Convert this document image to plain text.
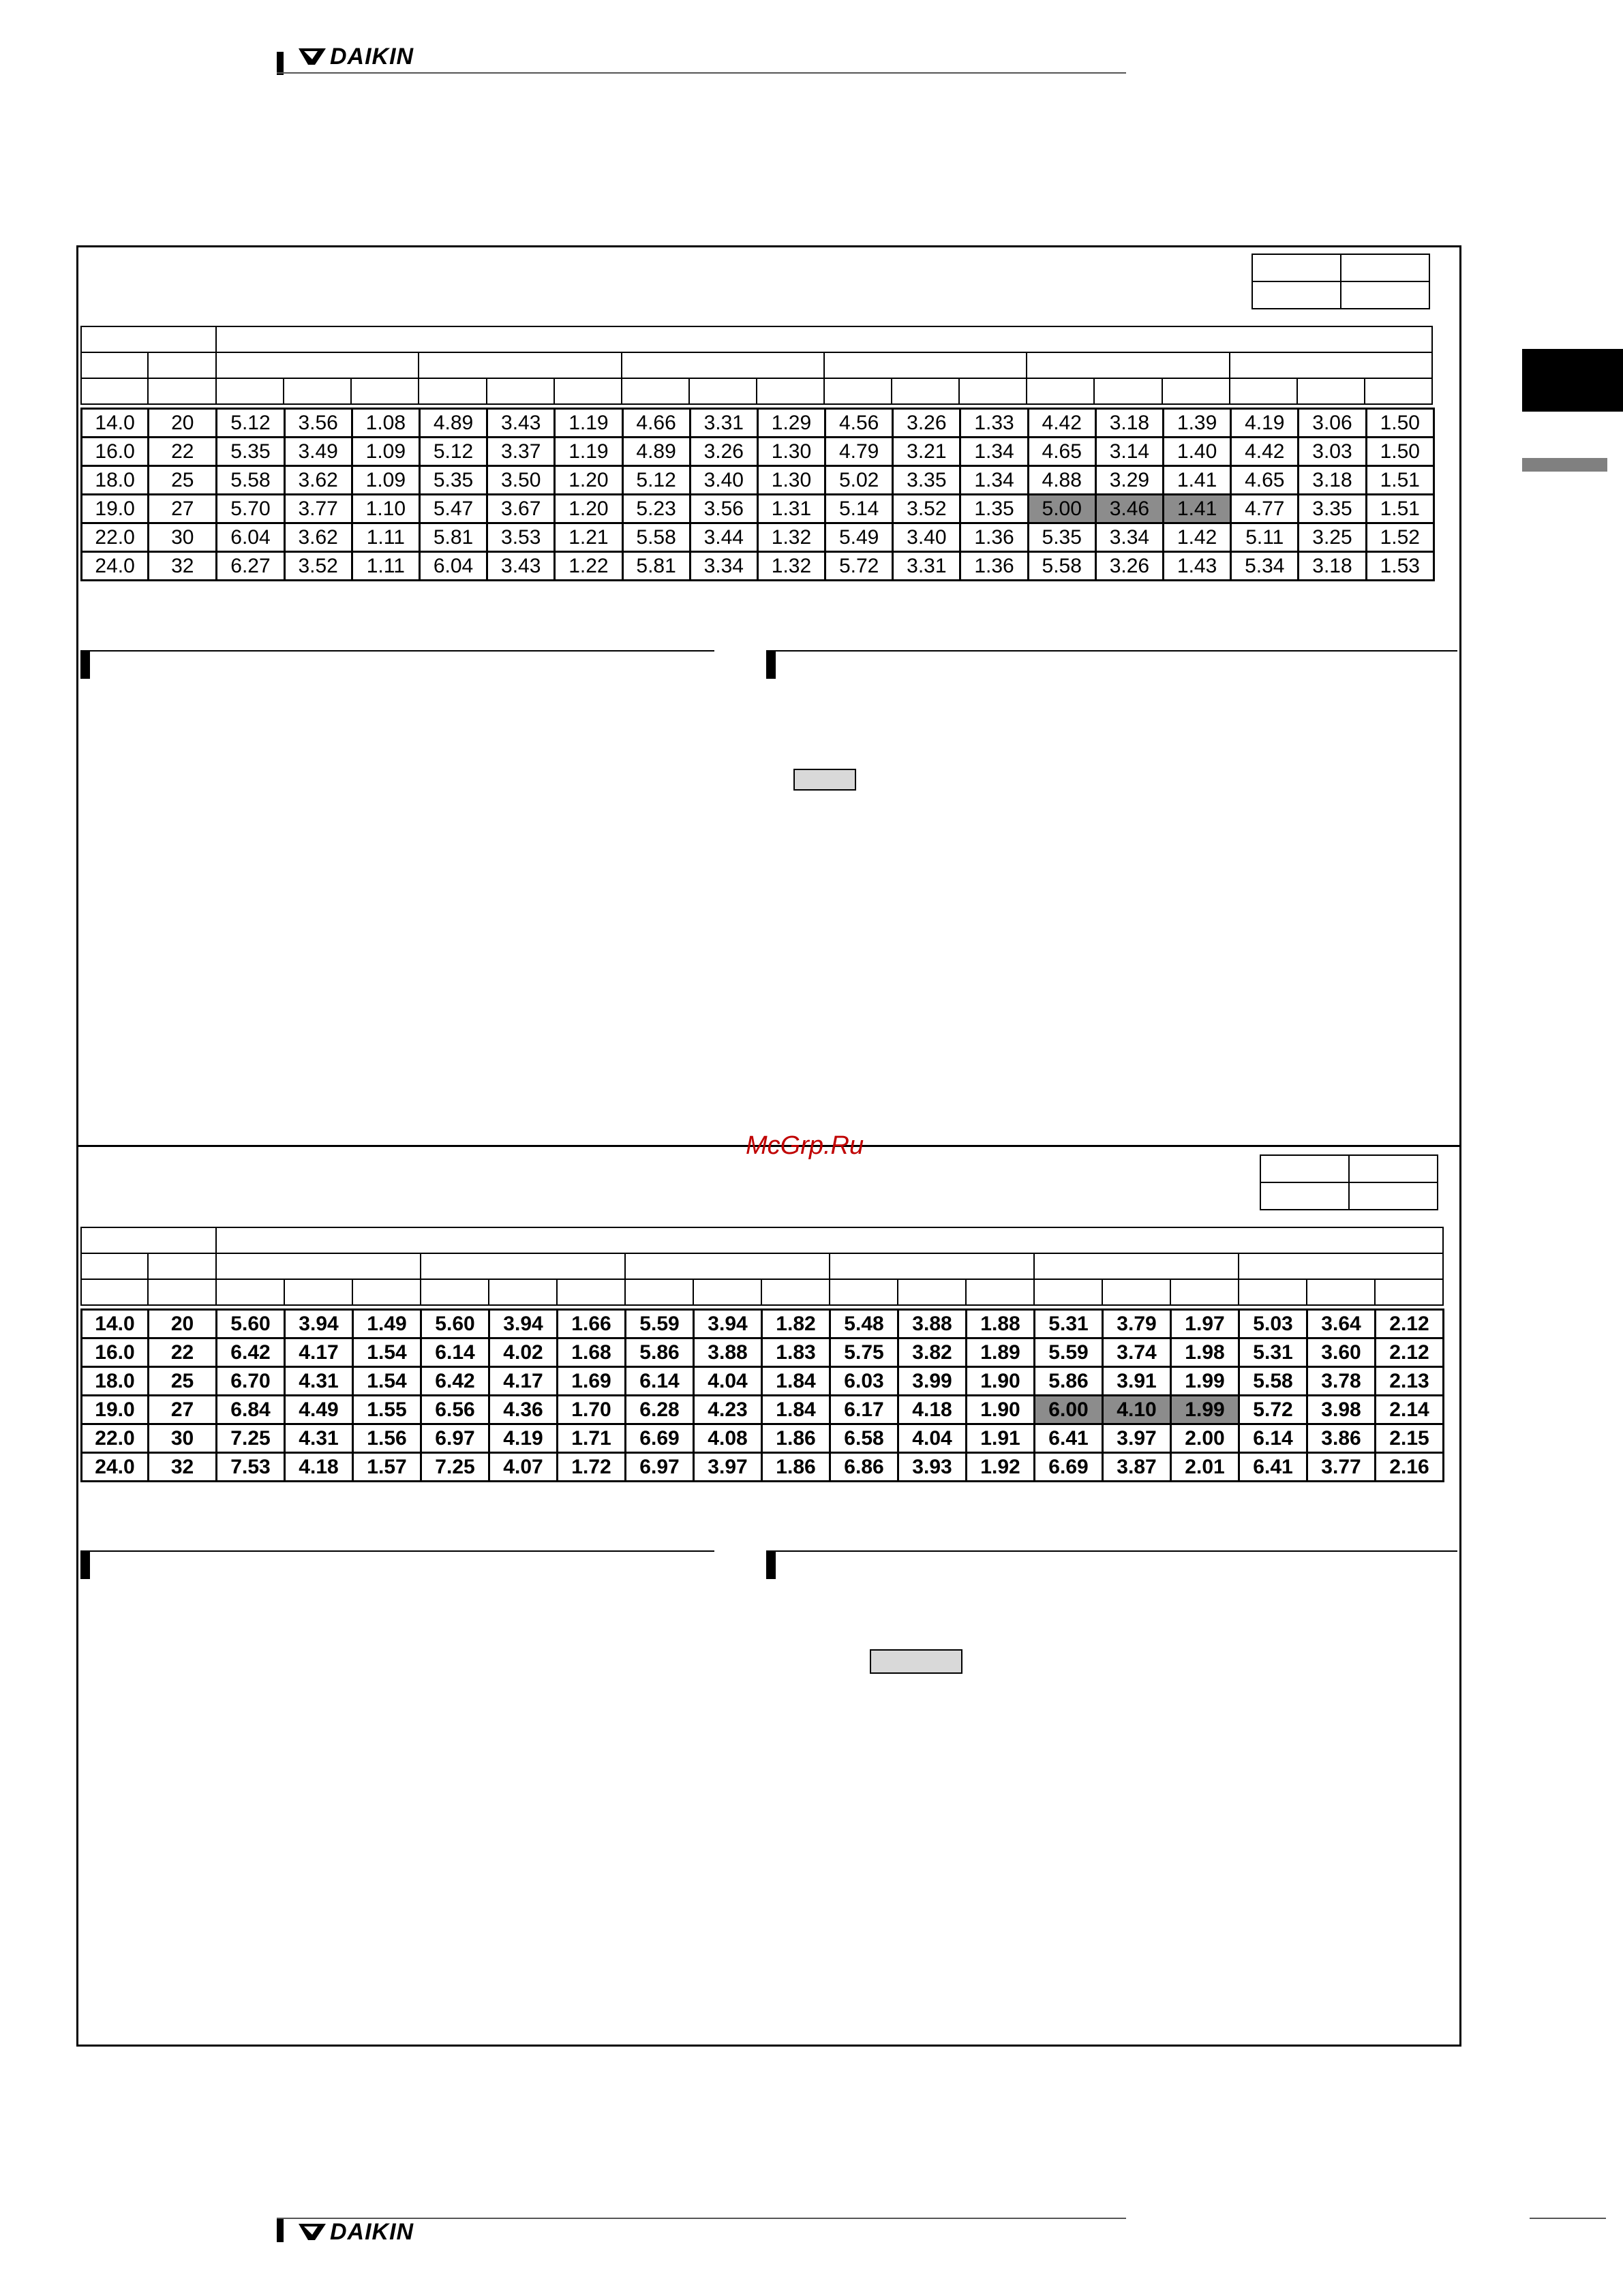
DAIKIN

14.0	20	5.12	3.56	1.08	4.89	3.43	1.19	4.66	3.31	1.29	4.56	3.26	1.33	4.42	3.18	1.39	4.19	3.06	1.50
16.0	22	5.35	3.49	1.09	5.12	3.37	1.19	4.89	3.26	1.30	4.79	3.21	1.34	4.65	3.14	1.40	4.42	3.03	1.50
18.0	25	5.58	3.62	1.09	5.35	3.50	1.20	5.12	3.40	1.30	5.02	3.35	1.34	4.88	3.29	1.41	4.65	3.18	1.51
19.0	27	5.70	3.77	1.10	5.47	3.67	1.20	5.23	3.56	1.31	5.14	3.52	1.35	5.00	3.46	1.41	4.77	3.35	1.51
22.0	30	6.04	3.62	1.11	5.81	3.53	1.21	5.58	3.44	1.32	5.49	3.40	1.36	5.35	3.34	1.42	5.11	3.25	1.52
24.0	32	6.27	3.52	1.11	6.04	3.43	1.22	5.81	3.34	1.32	5.72	3.31	1.36	5.58	3.26	1.43	5.34	3.18	1.53
McGrp.Ru

14.0	20	5.60	3.94	1.49	5.60	3.94	1.66	5.59	3.94	1.82	5.48	3.88	1.88	5.31	3.79	1.97	5.03	3.64	2.12
16.0	22	6.42	4.17	1.54	6.14	4.02	1.68	5.86	3.88	1.83	5.75	3.82	1.89	5.59	3.74	1.98	5.31	3.60	2.12
18.0	25	6.70	4.31	1.54	6.42	4.17	1.69	6.14	4.04	1.84	6.03	3.99	1.90	5.86	3.91	1.99	5.58	3.78	2.13
19.0	27	6.84	4.49	1.55	6.56	4.36	1.70	6.28	4.23	1.84	6.17	4.18	1.90	6.00	4.10	1.99	5.72	3.98	2.14
22.0	30	7.25	4.31	1.56	6.97	4.19	1.71	6.69	4.08	1.86	6.58	4.04	1.91	6.41	3.97	2.00	6.14	3.86	2.15
24.0	32	7.53	4.18	1.57	7.25	4.07	1.72	6.97	3.97	1.86	6.86	3.93	1.92	6.69	3.87	2.01	6.41	3.77	2.16
DAIKIN
